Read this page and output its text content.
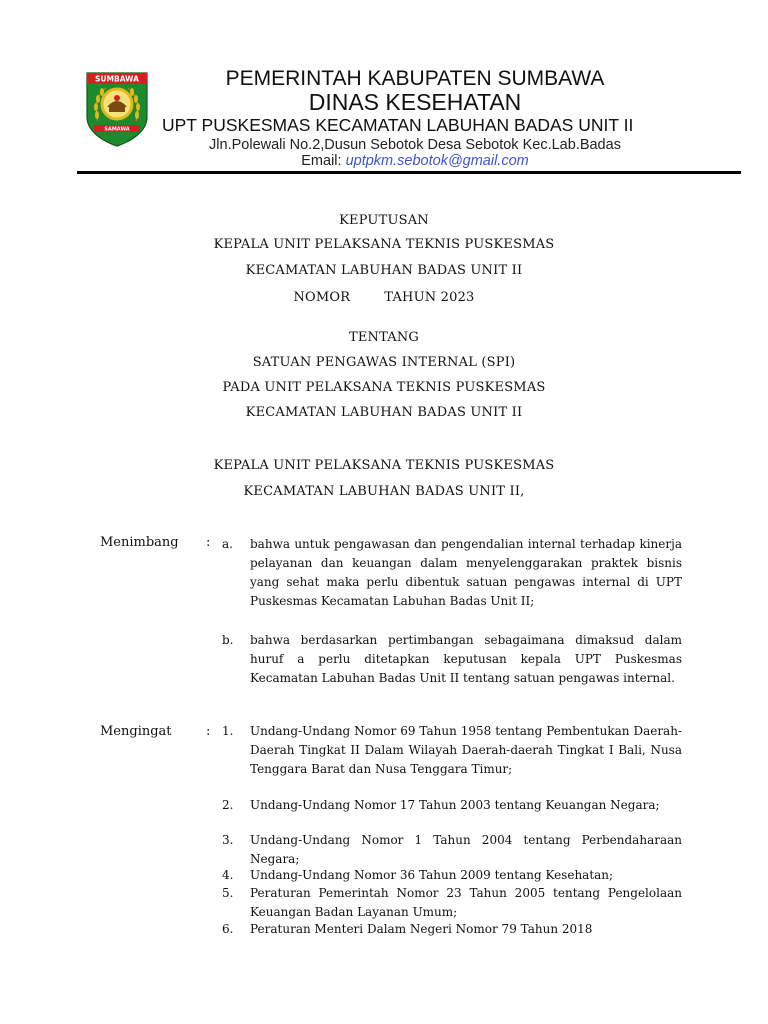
SUMBAWA
SAMAWA
PEMERINTAH KABUPATEN SUMBAWA
DINAS KESEHATAN
UPT PUSKESMAS KECAMATAN LABUHAN BADAS UNIT II
Jln.Polewali No.2,Dusun Sebotok Desa Sebotok Kec.Lab.Badas
Email: uptpkm.sebotok@gmail.com
KEPUTUSAN
KEPALA UNIT PELAKSANA TEKNIS PUSKESMAS
KECAMATAN LABUHAN BADAS UNIT II
NOMOR	TAHUN 2023
TENTANG
SATUAN PENGAWAS INTERNAL (SPI)
PADA UNIT PELAKSANA TEKNIS PUSKESMAS
KECAMATAN LABUHAN BADAS UNIT II
KEPALA UNIT PELAKSANA TEKNIS PUSKESMAS
KECAMATAN LABUHAN BADAS UNIT II,
Menimbang : a.	bahwa untuk pengawasan dan pengendalian internal terhadap kinerja pelayanan dan keuangan dalam menyelenggarakan praktek bisnis yang sehat maka perlu dibentuk satuan pengawas internal di UPT Puskesmas Kecamatan Labuhan Badas Unit II;
b.	bahwa berdasarkan pertimbangan sebagaimana dimaksud dalam huruf a perlu ditetapkan keputusan kepala UPT Puskesmas Kecamatan Labuhan Badas Unit II tentang satuan pengawas internal.
Mengingat	: 1.	Undang-Undang Nomor 69 Tahun 1958 tentang Pembentukan Daerah-Daerah Tingkat II Dalam Wilayah Daerah-daerah Tingkat I Bali, Nusa Tenggara Barat dan Nusa Tenggara Timur;
2.	Undang-Undang Nomor 17 Tahun 2003 tentang Keuangan Negara;
3.	Undang-Undang Nomor 1 Tahun 2004 tentang Perbendaharaan Negara;
4.	Undang-Undang Nomor 36 Tahun 2009 tentang Kesehatan;
5.	Peraturan Pemerintah Nomor 23 Tahun 2005 tentang Pengelolaan Keuangan Badan Layanan Umum;
6.	Peraturan Menteri Dalam Negeri Nomor 79 Tahun 2018
